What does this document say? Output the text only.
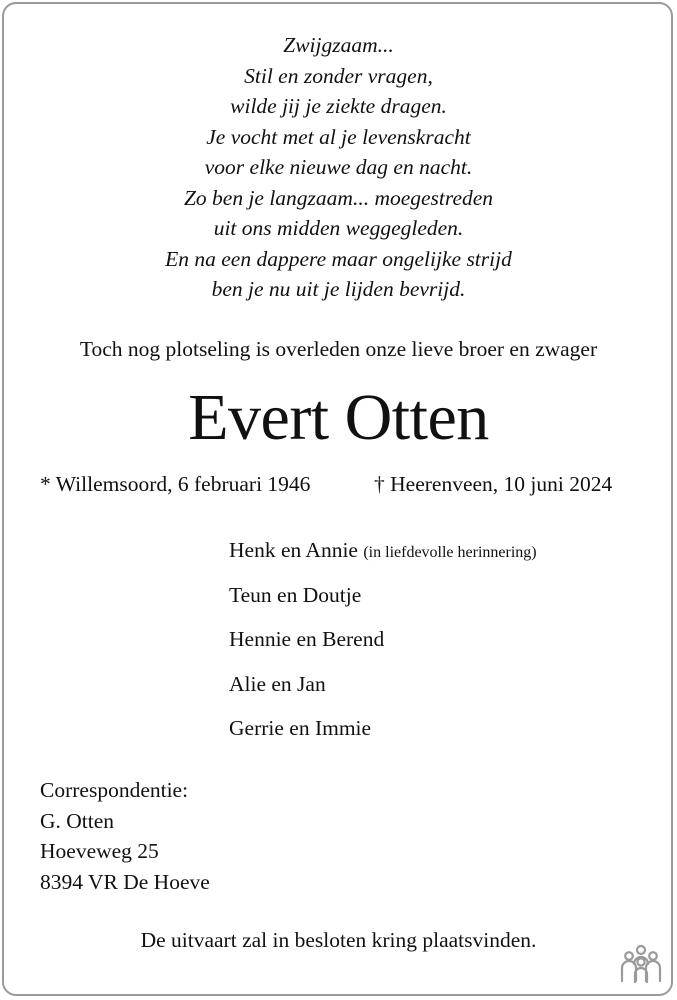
Zwijgzaam...
Stil en zonder vragen,
wilde jij je ziekte dragen.
Je vocht met al je levenskracht
voor elke nieuwe dag en nacht.
Zo ben je langzaam... moegestreden
uit ons midden weggegleden.
En na een dappere maar ongelijke strijd
ben je nu uit je lijden bevrijd.
Toch nog plotseling is overleden onze lieve broer en zwager
Evert Otten
* Willemsoord, 6 februari 1946	† Heerenveen, 10 juni 2024
Henk en Annie (in liefdevolle herinnering)
Teun en Doutje
Hennie en Berend
Alie en Jan
Gerrie en Immie
Correspondentie:
G. Otten
Hoeveweg 25
8394 VR De Hoeve
De uitvaart zal in besloten kring plaatsvinden.
